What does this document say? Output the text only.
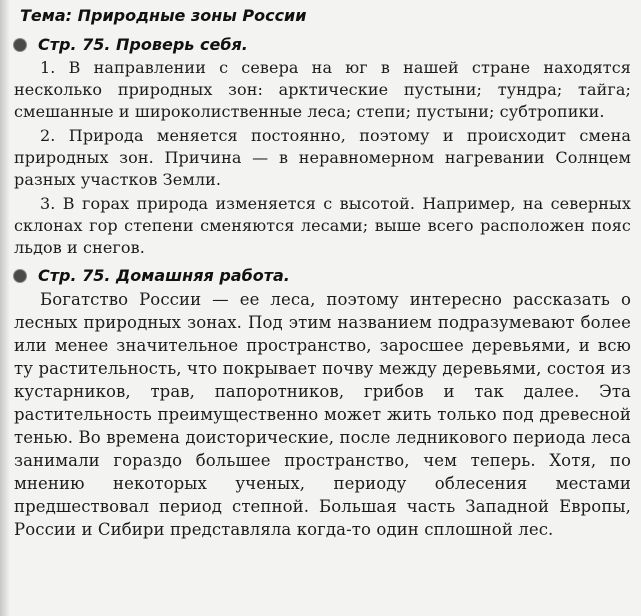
Тема: Природные зоны России
Стр. 75. Проверь себя.

1. В направлении с севера на юг в нашей стране находятся несколько природных зон: арктические пустыни; тундра; тайга; смешанные и широколиственные леса; степи; пустыни; субтропики.

2. Природа меняется постоянно, поэтому и происходит смена природных зон. Причина — в неравномерном нагревании Солнцем разных участков Земли.

3. В горах природа изменяется с высотой. Например, на северных склонах гор степени сменяются лесами; выше всего расположен пояс льдов и снегов.

Стр. 75. Домашняя работа.

Богатство России — ее леса, поэтому интересно рассказать о лесных природных зонах. Под этим названием подразумевают более или менее значительное пространство, заросшее деревьями, и всю ту растительность, что покрывает почву между деревьями, состоя из кустарников, трав, папоротников, грибов и так далее. Эта растительность преимущественно может жить только под древесной тенью. Во времена доисторические, после ледникового периода леса занимали гораздо большее пространство, чем теперь. Хотя, по мнению некоторых ученых, периоду облесения местами предшествовал период степной. Большая часть Западной Европы, России и Сибири представляла когда-то один сплошной лес.
